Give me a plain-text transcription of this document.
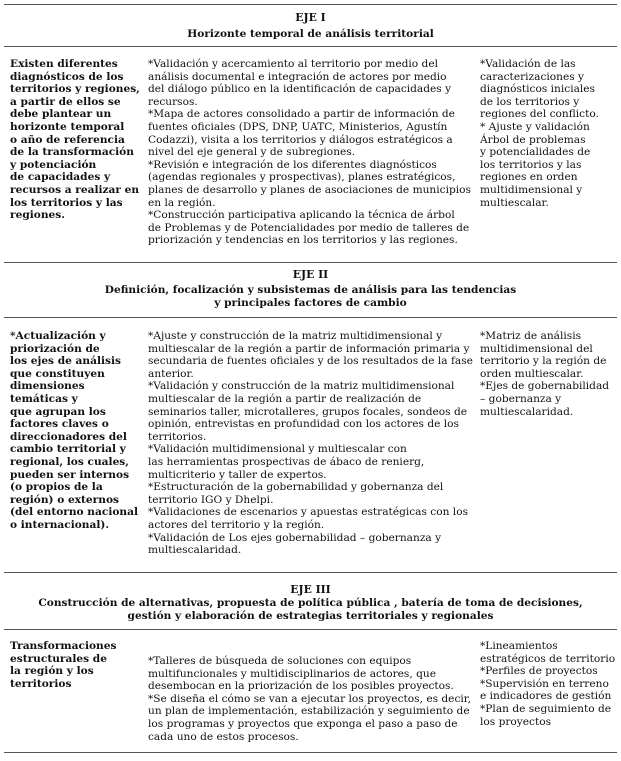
EJE I
Horizonte temporal de análisis territorial
Existen diferentes
diagnósticos de los
territorios y regiones,
a partir de ellos se
debe plantear un
horizonte temporal
o año de referencia
de la transformación
y potenciación
de capacidades y
recursos a realizar en
los territorios y las
regiones.
*Validación y acercamiento al territorio por medio del
análisis documental e integración de actores por medio
del diálogo público en la identificación de capacidades y
recursos.
*Mapa de actores consolidado a partir de información de
fuentes oficiales (DPS, DNP, UATC, Ministerios, Agustín
Codazzi), visita a los territorios y diálogos estratégicos a
nivel del eje general y de subregiones.
*Revisión e integración de los diferentes diagnósticos
(agendas regionales y prospectivas), planes estratégicos,
planes de desarrollo y planes de asociaciones de municipios
en la región.
*Construcción participativa aplicando la técnica de árbol
de Problemas y de Potencialidades por medio de talleres de
priorización y tendencias en los territorios y las regiones.
*Validación de las
caracterizaciones y
diagnósticos iniciales
de los territorios y
regiones del conflicto.
* Ajuste y validación
Árbol de problemas
y potencialidades de
los territorios y las
regiones en orden
multidimensional y
multiescalar.
EJE II
Definición, focalización y subsistemas de análisis para las tendencias
y principales factores de cambio
*Actualización y
priorización de
los ejes de análisis
que constituyen
dimensiones
temáticas y
que agrupan los
factores claves o
direccionadores del
cambio territorial y
regional, los cuales,
pueden ser internos
(o propios de la
región) o externos
(del entorno nacional
o internacional).
*Ajuste y construcción de la matriz multidimensional y
multiescalar de la región a partir de información primaria y
secundaria de fuentes oficiales y de los resultados de la fase
anterior.
*Validación y construcción de la matriz multidimensional
multiescalar de la región a partir de realización de
seminarios taller, microtalleres, grupos focales, sondeos de
opinión, entrevistas en profundidad con los actores de los
territorios.
*Validación multidimensional y multiescalar con
las herramientas prospectivas de ábaco de renierg,
multicriterio y taller de expertos.
*Estructuración de la gobernabilidad y gobernanza del
territorio IGO y Dhelpi.
*Validaciones de escenarios y apuestas estratégicas con los
actores del territorio y la región.
*Validación de Los ejes gobernabilidad – gobernanza y
multiescalaridad.
*Matriz de análisis
multidimensional del
territorio y la región de
orden multiescalar.
*Ejes de gobernabilidad
– gobernanza y
multiescalaridad.
EJE III
Construcción de alternativas, propuesta de política pública , batería de toma de decisiones,
gestión y elaboración de estrategias territoriales y regionales
Transformaciones
estructurales de
la región y los
territorios
*Talleres de búsqueda de soluciones con equipos
multifuncionales y multidisciplinarios de actores, que
desembocan en la priorización de los posibles proyectos.
*Se diseña el cómo se van a ejecutar los proyectos, es decir,
un plan de implementación, estabilización y seguimiento de
los programas y proyectos que exponga el paso a paso de
cada uno de estos procesos.
*Lineamientos
estratégicos de territorio
*Perfiles de proyectos
*Supervisión en terreno
e indicadores de gestión
*Plan de seguimiento de
los proyectos
